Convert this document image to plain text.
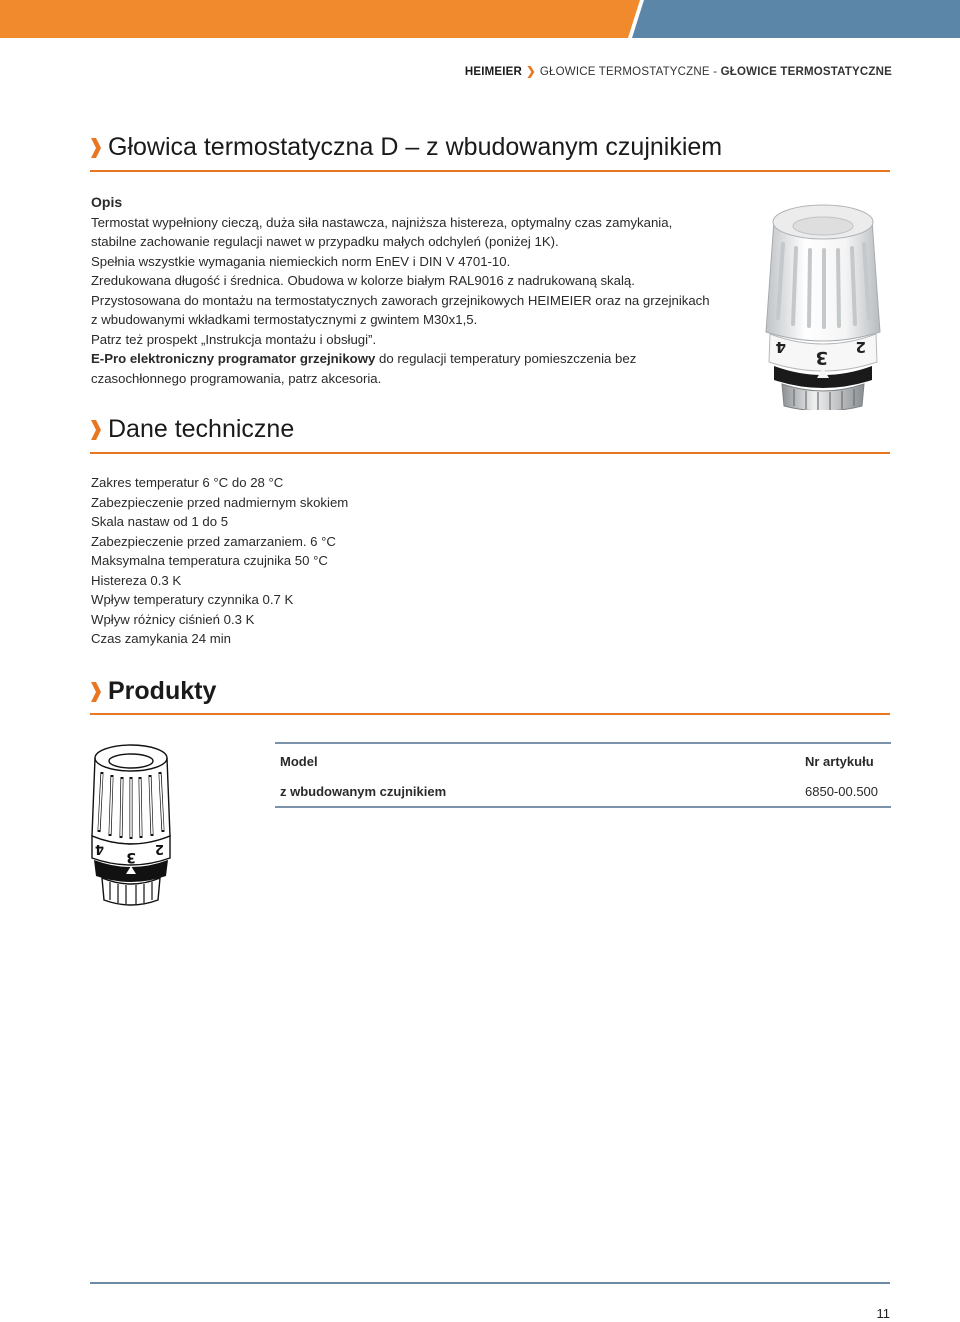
HEIMEIER ❯ GŁOWICE TERMOSTATYCZNE - GŁOWICE TERMOSTATYCZNE
Głowica termostatyczna D – z wbudowanym czujnikiem

Opis

Termostat wypełniony cieczą, duża siła nastawcza, najniższa histereza, optymalny czas zamykania,

stabilne zachowanie regulacji nawet w przypadku małych odchyleń (poniżej 1K).

Spełnia wszystkie wymagania niemieckich norm EnEV i DIN V 4701-10.

Zredukowana długość i średnica. Obudowa w kolorze białym RAL9016 z nadrukowaną skalą.

Przystosowana do montażu na termostatycznych zaworach grzejnikowych HEIMEIER oraz na grzejnikach

z wbudowanymi wkładkami termostatycznymi z gwintem M30x1,5.

Patrz też prospekt „Instrukcja montażu i obsługi”.

E-Pro elektroniczny programator grzejnikowy do regulacji temperatury pomieszczenia bez

czasochłonnego programowania, patrz akcesoria.

4 3 2
Dane techniczne
Zakres temperatur 6 °C do 28 °C
Zabezpieczenie przed nadmiernym skokiem
Skala nastaw od 1 do 5
Zabezpieczenie przed zamarzaniem. 6 °C
Maksymalna temperatura czujnika 50 °C
Histereza 0.3 K
Wpływ temperatury czynnika 0.7 K
Wpływ różnicy ciśnień 0.3 K
Czas zamykania 24 min
Produkty
4
3
2
Model	Nr artykułu
z wbudowanym czujnikiem	6850-00.500
11
